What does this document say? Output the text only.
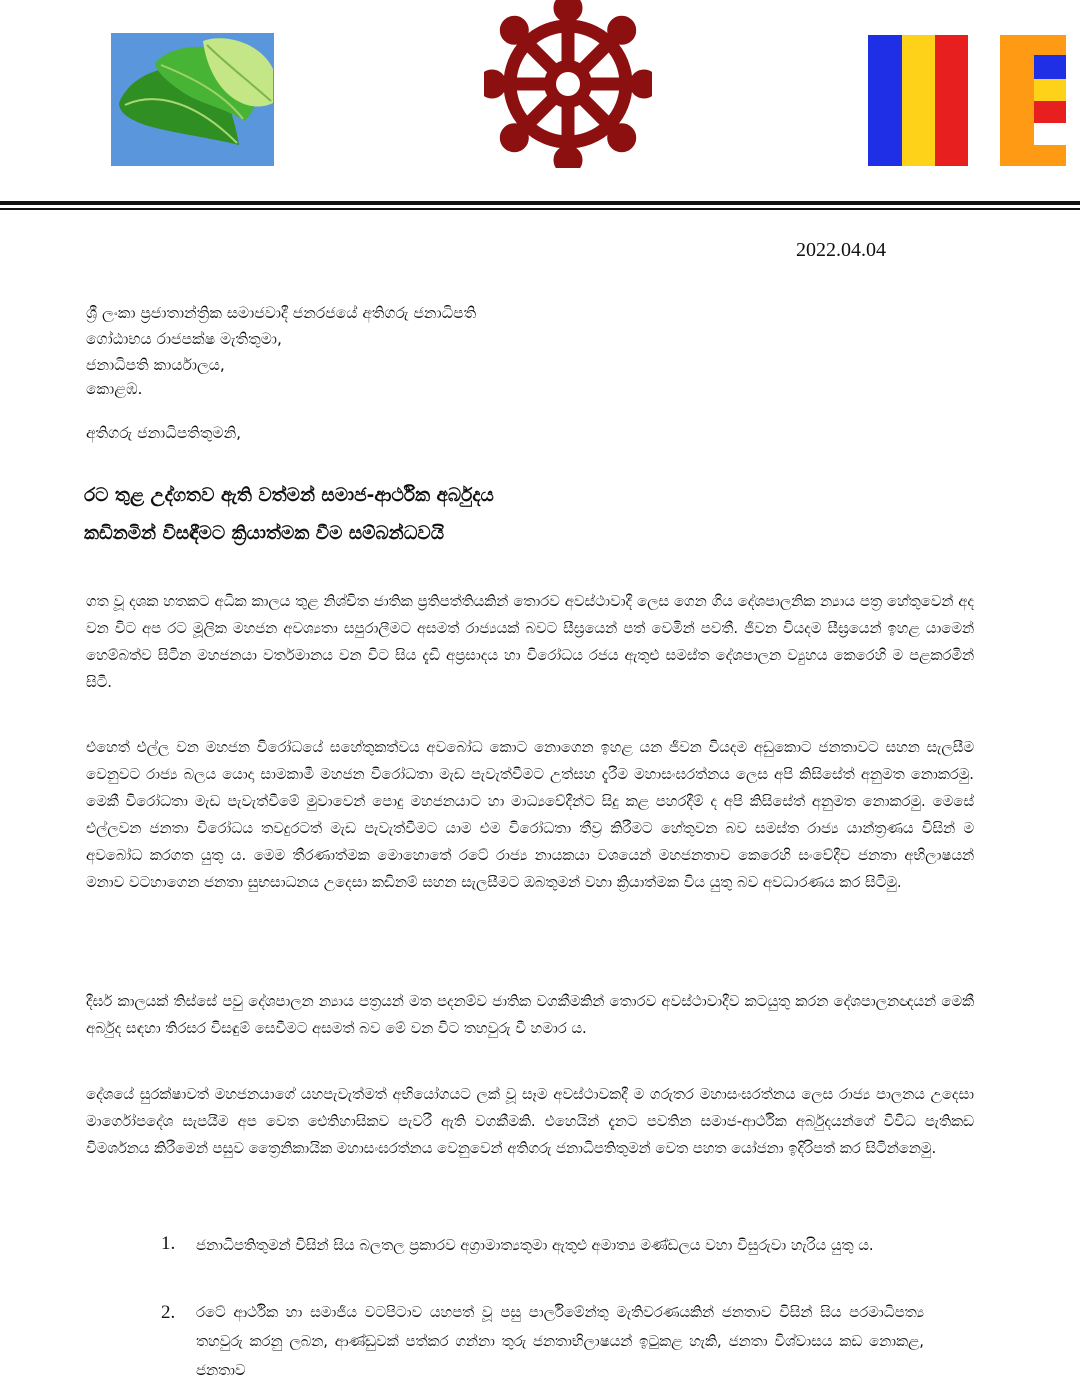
2022.04.04
ශ්‍රී ලංකා ප්‍රජාතාන්ත්‍රික සමාජවාදී ජනරජයේ අතිගරු ජනාධිපති
ගෝඨාභය රාජපක්ෂ මැතිතුමා,
ජනාධිපති කාර්යාලය,
කොළඹ.
අතිගරු ජනාධිපතිතුමනි,
රට තුළ උද්ගතව ඇති වත්මන් සමාජ-ආර්ථික අර්බුදය
කඩිනමින් විසඳීමට ක්‍රියාත්මක වීම සම්බන්ධවයි

ගත වූ දශක හතකට අධික කාලය තුළ නිශ්චිත ජාතික ප්‍රතිපත්තියකින් තොරව අවස්ථාවාදී ලෙස ගෙන ගිය දේශපාලනික න්‍යාය පත්‍ර හේතුවෙන් අද වන විට අප රට මූලික මහජන අවශ්‍යතා සපුරාලීමට අසමත් රාජ්‍යයක් බවට සීඝ්‍රයෙන් පත් වෙමින් පවතී. ජීවන වියදම සීඝ්‍රයෙන් ඉහළ යාමෙන් හෙම්බත්ව සිටින මහජනයා වර්තමානය වන විට සිය දැඩි අප්‍රසාදය හා විරෝධය රජය ඇතුළු සමස්ත දේශපාලන ව්‍යුහය කෙරෙහි ම පළකරමින් සිටී.

එහෙත් එල්ල වන මහජන විරෝධයේ සහේතුකත්වය අවබෝධ කොට නොගෙන ඉහළ යන ජීවන වියදම අඩුකොට ජනතාවට සහන සැලසීම වෙනුවට රාජ්‍ය බලය යොදා සාමකාමී මහජන විරෝධතා මැඩ පැවැත්වීමට උත්සහ දැරීම මහාසංඝරත්නය ලෙස අපි කිසිසේත් අනුමත නොකරමු. මෙකී විරෝධතා මැඩ පැවැත්වීමේ මුවාවෙන් පොදු මහජනයාට හා මාධ්‍යවේදීන්ට සිදු කළ පහරදීම් ද අපි කිසිසේත් අනුමත නොකරමු. මෙසේ එල්ලවන ජනතා විරෝධය තවදුරටත් මැඩ පැවැත්වීමට යාම එම විරෝධතා තීව්‍ර කිරීමට හේතුවන බව සමස්ත රාජ්‍ය යාන්ත්‍රණය විසින් ම අවබෝධ කරගත යුතු ය. මෙම තීරණාත්මක මොහොතේ රටේ රාජ්‍ය නායකයා වශයෙන් මහජනතාව කෙරෙහි සංවේදීව ජනතා අභිලාෂයන් මනාව වටහාගෙන ජනතා සුභසාධනය උදෙසා කඩිනම් සහන සැලසීමට ඔබතුමන් වහා ක්‍රියාත්මක විය යුතු බව අවධාරණය කර සිටිමු.

දීර්ඝ කාලයක් තිස්සේ පවු දේශපාලන න්‍යාය පත්‍රයන් මත පදනම්ව ජාතික වගකීමකින් තොරව අවස්ථාවාදීව කටයුතු කරන දේශපාලනඥයන් මෙකී අර්බුද සඳහා තිරසර විසඳුම් සෙවීමට අසමත් බව මේ වන විට තහවුරු වී හමාර ය.

දේශයේ සුරක්ෂාවත් මහජනයාගේ යහපැවැත්මත් අභියෝගයට ලක් වූ සෑම අවස්ථාවකදී ම ගරුතර මහාසංඝරත්නය ලෙස රාජ්‍ය පාලනය උදෙසා මාර්ගෝපදේශ සැපයීම අප වෙත ඓතිහාසිකව පැවරී ඇති වගකීමකි. එහෙයින් දැනට පවතින සමාජ-ආර්ථික අර්බුදයන්ගේ විවිධ පැතිකඩ විමර්ශනය කිරීමෙන් පසුව ත්‍රෛනිකායික මහාසංඝරත්නය වෙනුවෙන් අතිගරු ජනාධිපතිතුමන් වෙත පහත යෝජනා ඉදිරිපත් කර සිටින්නෙමු.

1. ජනාධිපතිතුමන් විසින් සිය බලතල ප්‍රකාරව අග්‍රාමාත්‍යතුමා ඇතුළු අමාත්‍ය මණ්ඩලය වහා විසුරුවා හැරිය යුතු ය.

2. රටේ ආර්ථික හා සමාජීය වටපිටාව යහපත් වූ පසු පාර්ලිමේන්තු මැතිවරණයකින් ජනතාව විසින් සිය පරමාධිපත්‍ය තහවුරු කරනු ලබන, ආණ්ඩුවක් පත්කර ගන්නා තුරු ජනතාභිලාෂයන් ඉටුකළ හැකි, ජනතා විශ්වාසය කඩ නොකළ, ජනතාව
